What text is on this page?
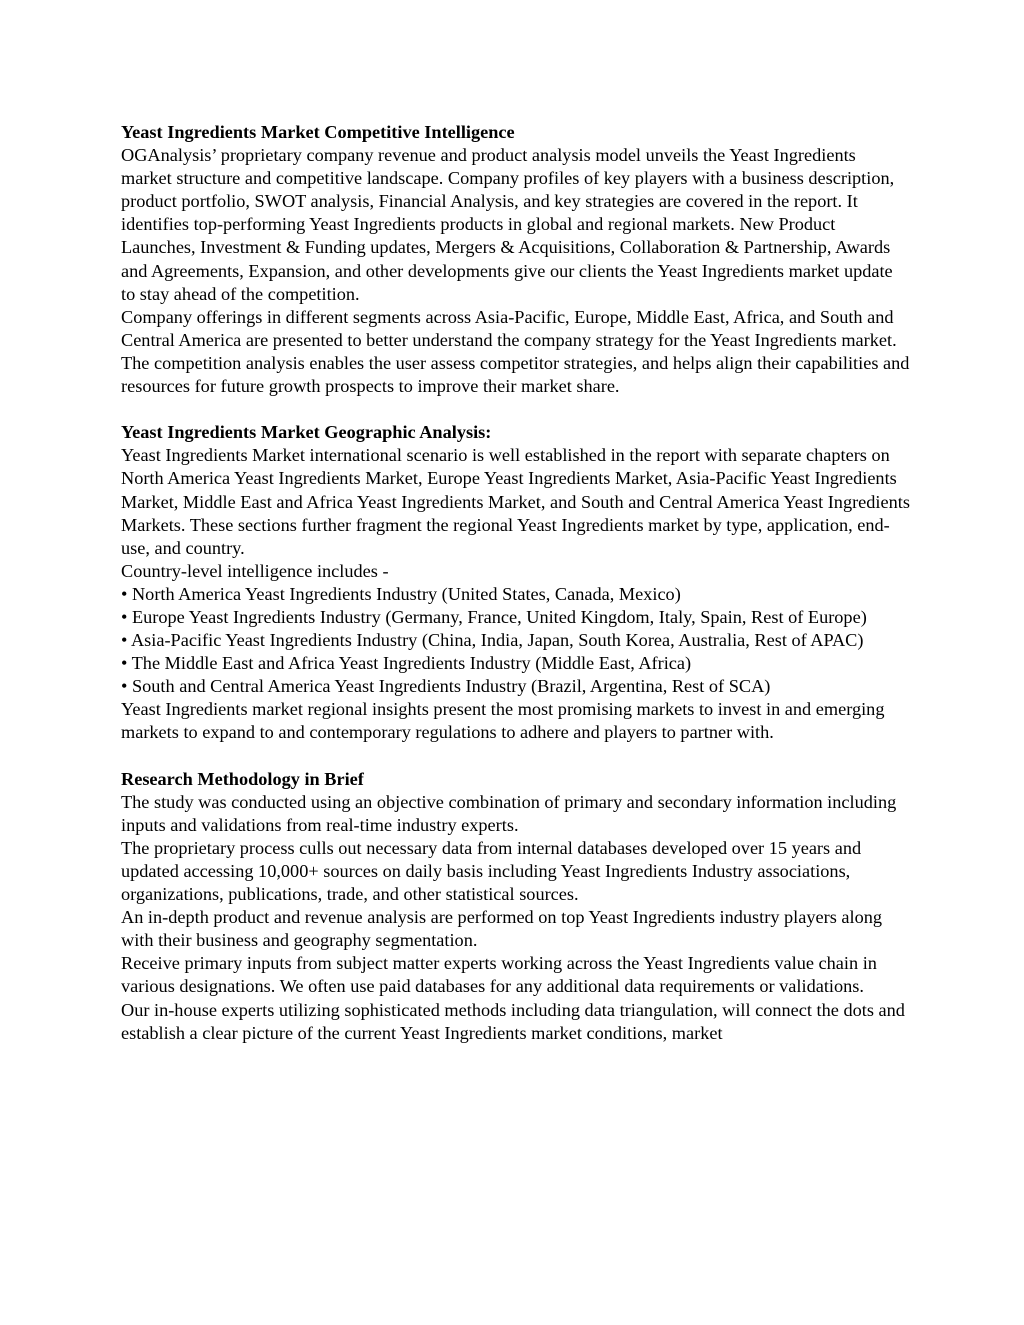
Yeast Ingredients Market Competitive Intelligence

OGAnalysis’ proprietary company revenue and product analysis model unveils the Yeast Ingredients market structure and competitive landscape. Company profiles of key players with a business description, product portfolio, SWOT analysis, Financial Analysis, and key strategies are covered in the report. It identifies top-performing Yeast Ingredients products in global and regional markets. New Product Launches, Investment & Funding updates, Mergers & Acquisitions, Collaboration & Partnership, Awards and Agreements, Expansion, and other developments give our clients the Yeast Ingredients market update to stay ahead of the competition.

Company offerings in different segments across Asia-Pacific, Europe, Middle East, Africa, and South and Central America are presented to better understand the company strategy for the Yeast Ingredients market. The competition analysis enables the user assess competitor strategies, and helps align their capabilities and resources for future growth prospects to improve their market share.

Yeast Ingredients Market Geographic Analysis:

Yeast Ingredients Market international scenario is well established in the report with separate chapters on North America Yeast Ingredients Market, Europe Yeast Ingredients Market, Asia-Pacific Yeast Ingredients Market, Middle East and Africa Yeast Ingredients Market, and South and Central America Yeast Ingredients Markets. These sections further fragment the regional Yeast Ingredients market by type, application, end-use, and country.

Country-level intelligence includes -

• North America Yeast Ingredients Industry (United States, Canada, Mexico)

• Europe Yeast Ingredients Industry (Germany, France, United Kingdom, Italy, Spain, Rest of Europe)

• Asia-Pacific Yeast Ingredients Industry (China, India, Japan, South Korea, Australia, Rest of APAC)

• The Middle East and Africa Yeast Ingredients Industry (Middle East, Africa)

• South and Central America Yeast Ingredients Industry (Brazil, Argentina, Rest of SCA)

Yeast Ingredients market regional insights present the most promising markets to invest in and emerging markets to expand to and contemporary regulations to adhere and players to partner with.

Research Methodology in Brief

The study was conducted using an objective combination of primary and secondary information including inputs and validations from real-time industry experts.

The proprietary process culls out necessary data from internal databases developed over 15 years and updated accessing 10,000+ sources on daily basis including Yeast Ingredients Industry associations, organizations, publications, trade, and other statistical sources.

An in-depth product and revenue analysis are performed on top Yeast Ingredients industry players along with their business and geography segmentation.

Receive primary inputs from subject matter experts working across the Yeast Ingredients value chain in various designations. We often use paid databases for any additional data requirements or validations.

Our in-house experts utilizing sophisticated methods including data triangulation, will connect the dots and establish a clear picture of the current Yeast Ingredients market conditions, market
